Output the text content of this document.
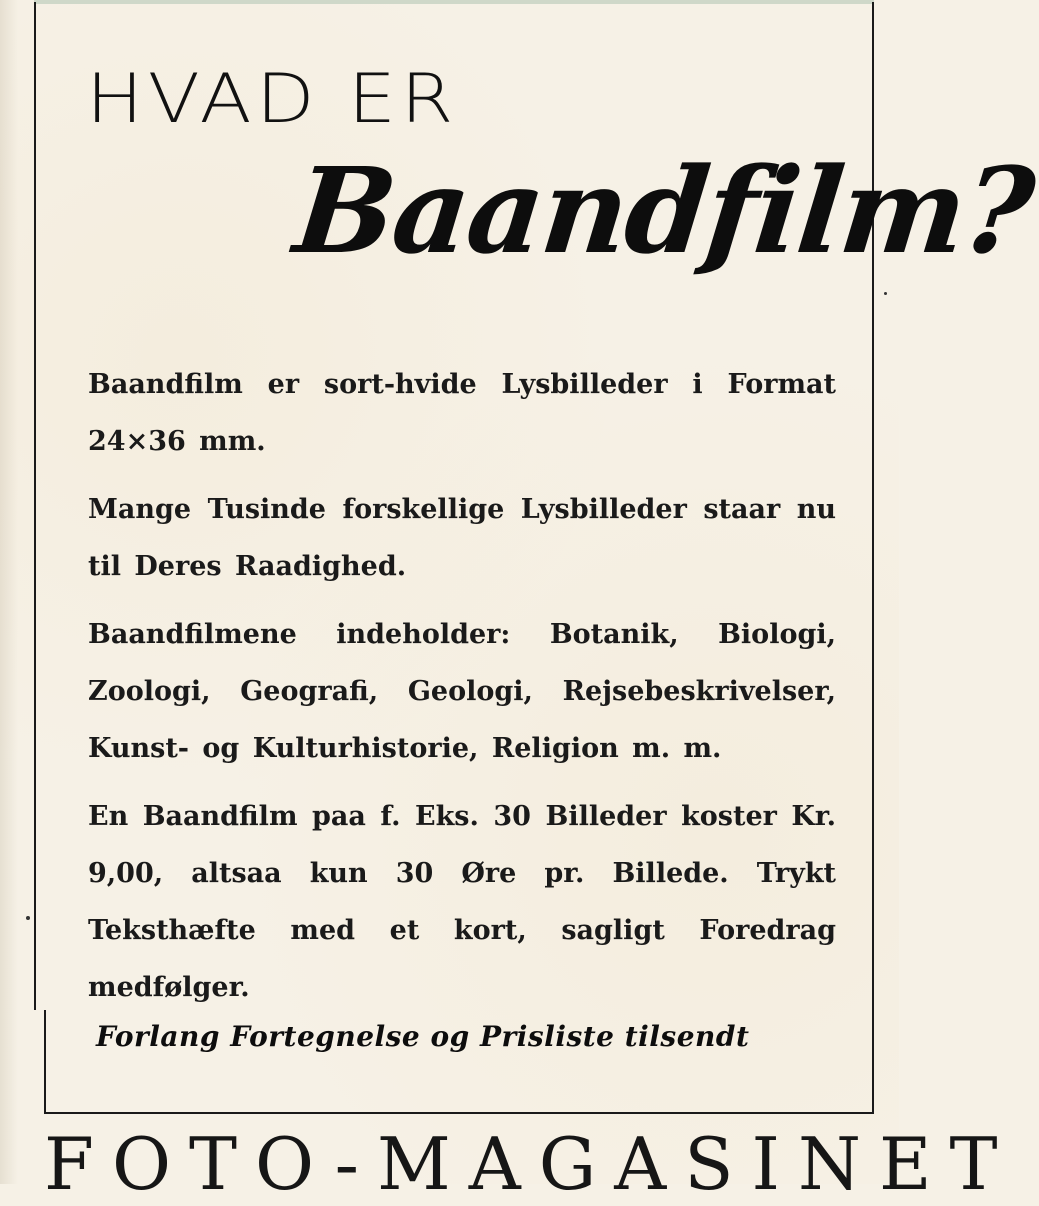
HVAD ER
Baandfilm?

Baandfilm er sort-hvide Lysbilleder i Format 24×36 mm.

Mange Tusinde forskellige Lysbilleder staar nu til Deres Raadighed.

Baandfilmene indeholder: Botanik, Biologi, Zoologi, Geografi, Geologi, Rejsebeskrivelser, Kunst- og Kulturhistorie, Religion m. m.

En Baandfilm paa f. Eks. 30 Billeder koster Kr. 9,00, altsaa kun 30 Øre pr. Billede. Trykt Teksthæfte med et kort, sagligt Foredrag medfølger.

Forlang Fortegnelse og Prisliste tilsendt

FOTO-MAGASINET
